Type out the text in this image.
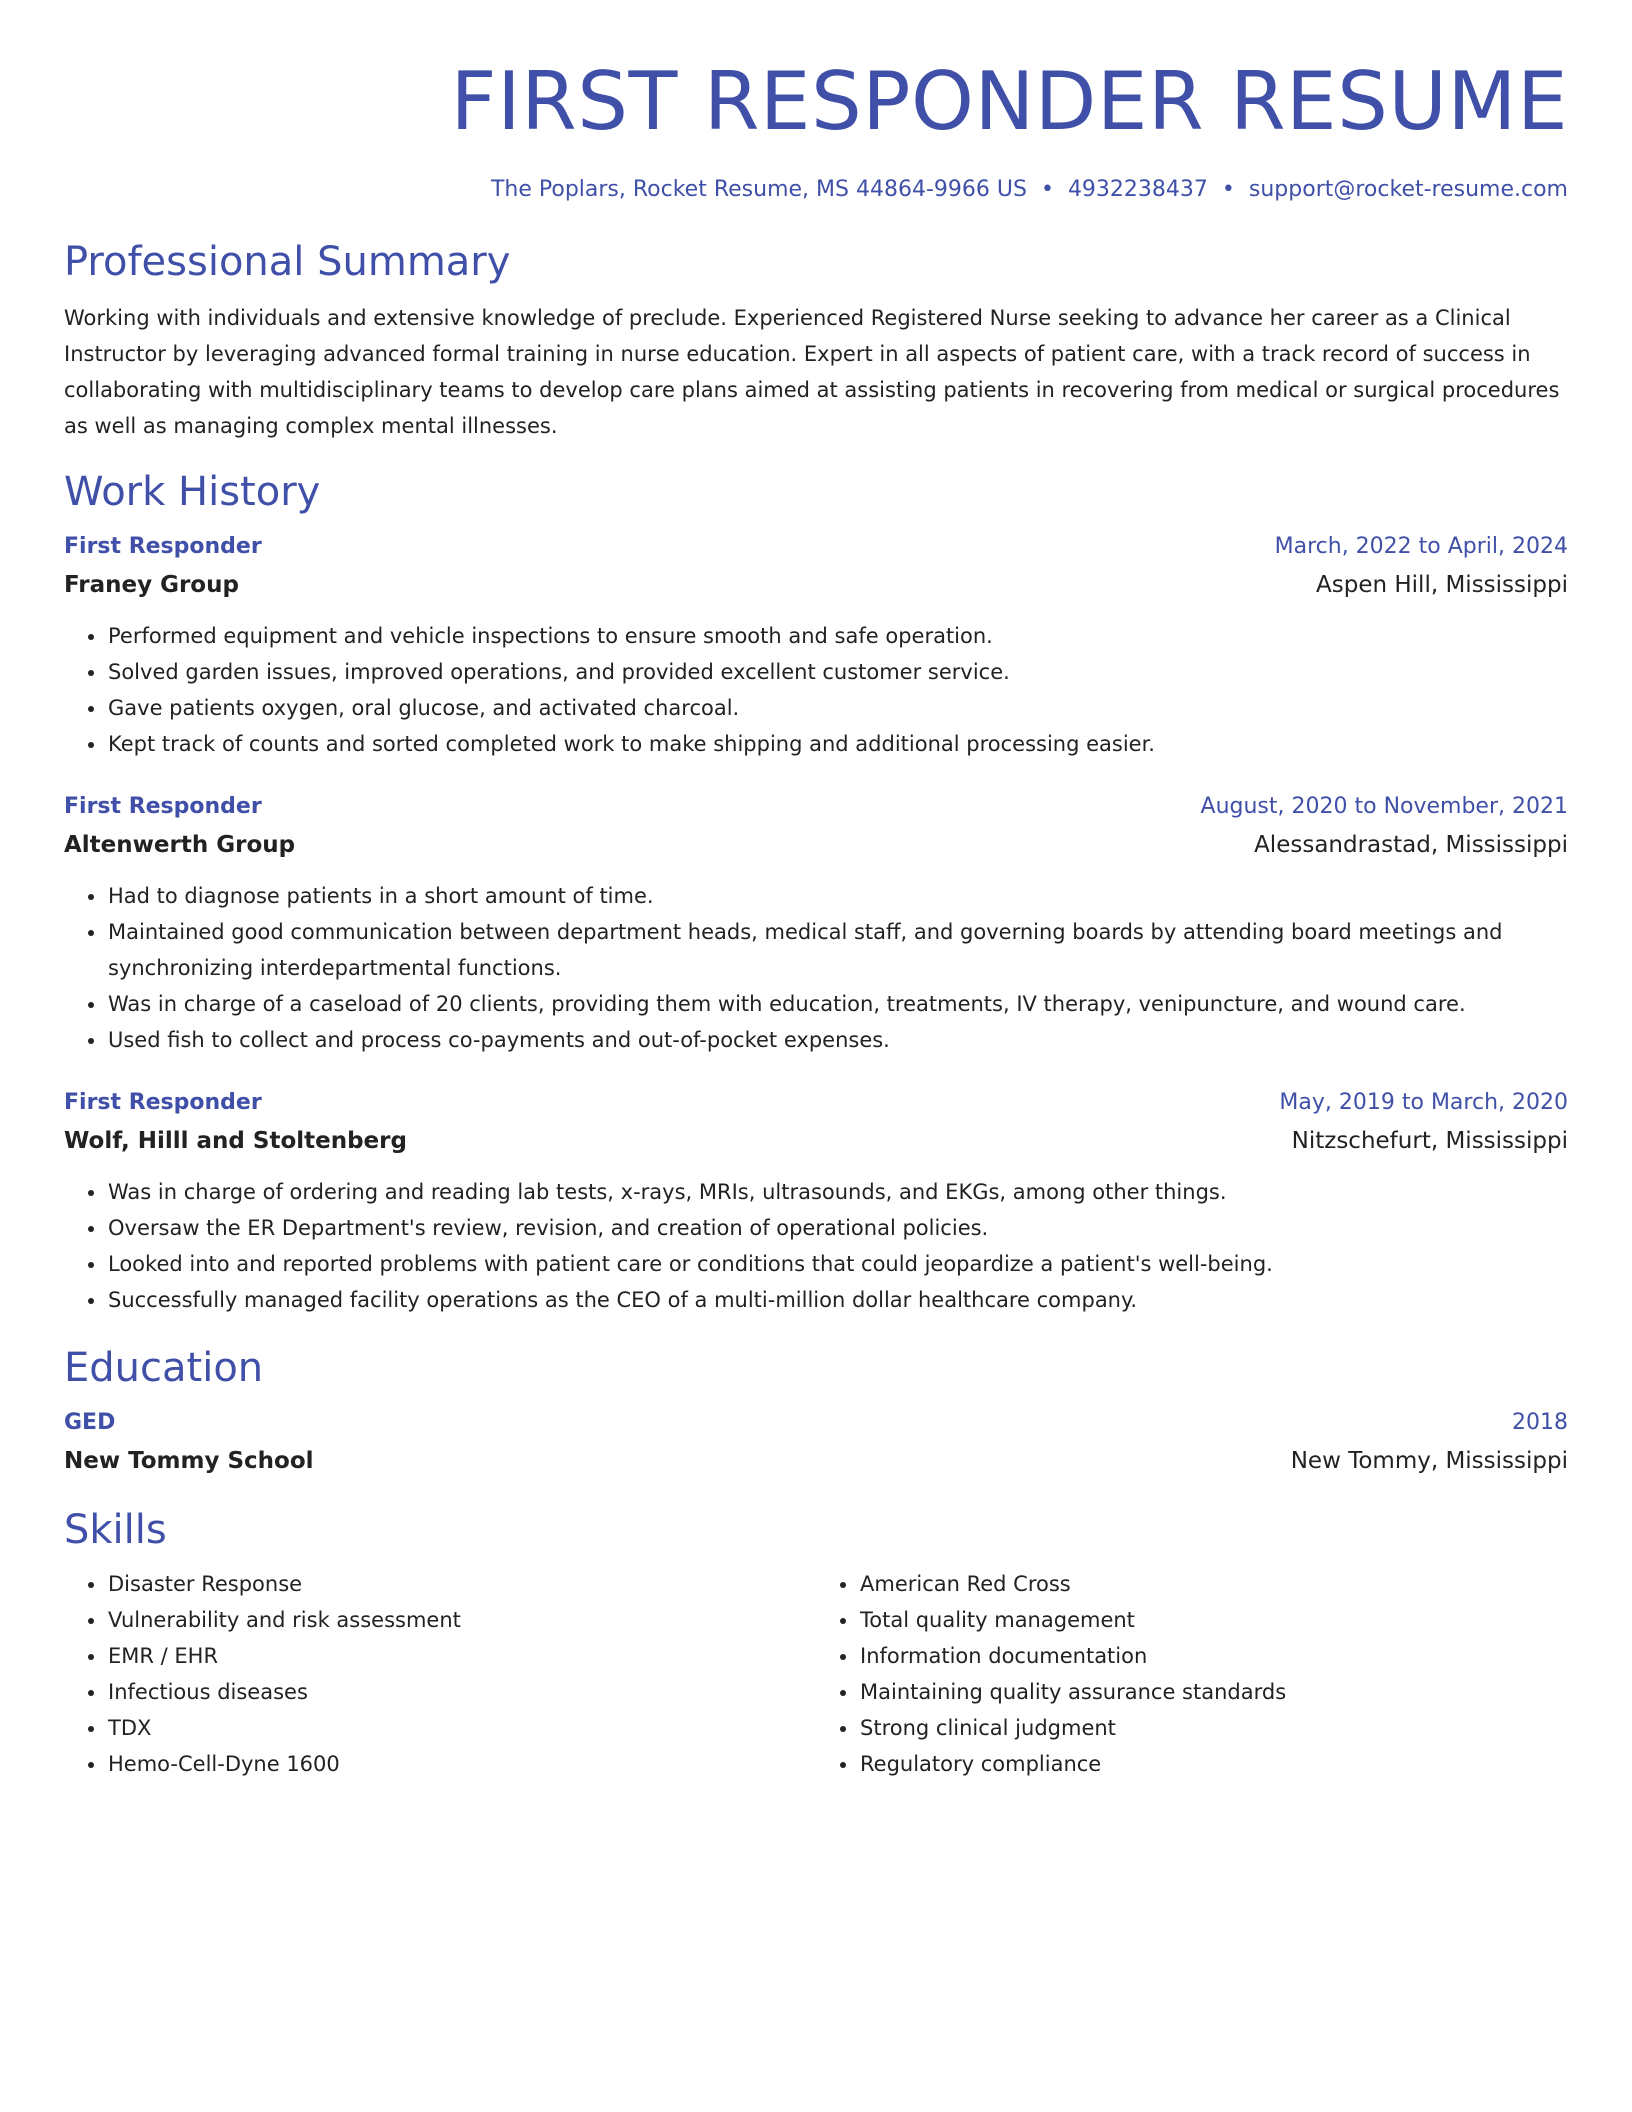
FIRST RESPONDER RESUME
The Poplars, Rocket Resume, MS 44864-9966 US • 4932238437 • support@rocket-resume.com
Professional Summary
Working with individuals and extensive knowledge of preclude. Experienced Registered Nurse seeking to advance her career as a Clinical Instructor by leveraging advanced formal training in nurse education. Expert in all aspects of patient care, with a track record of success in collaborating with multidisciplinary teams to develop care plans aimed at assisting patients in recovering from medical or surgical procedures as well as managing complex mental illnesses.
Work History
First Responder	March, 2022 to April, 2024
Franey Group	Aspen Hill, Mississippi
• Performed equipment and vehicle inspections to ensure smooth and safe operation.
• Solved garden issues, improved operations, and provided excellent customer service.
• Gave patients oxygen, oral glucose, and activated charcoal.
• Kept track of counts and sorted completed work to make shipping and additional processing easier.
First Responder	August, 2020 to November, 2021
Altenwerth Group	Alessandrastad, Mississippi
• Had to diagnose patients in a short amount of time.
• Maintained good communication between department heads, medical staff, and governing boards by attending board meetings and synchronizing interdepartmental functions.
• Was in charge of a caseload of 20 clients, providing them with education, treatments, IV therapy, venipuncture, and wound care.
• Used fish to collect and process co-payments and out-of-pocket expenses.
First Responder	May, 2019 to March, 2020
Wolf, Hilll and Stoltenberg	Nitzschefurt, Mississippi
• Was in charge of ordering and reading lab tests, x-rays, MRIs, ultrasounds, and EKGs, among other things.
• Oversaw the ER Department's review, revision, and creation of operational policies.
• Looked into and reported problems with patient care or conditions that could jeopardize a patient's well-being.
• Successfully managed facility operations as the CEO of a multi-million dollar healthcare company.
Education
GED	2018
New Tommy School	New Tommy, Mississippi
Skills
• Disaster Response
• Vulnerability and risk assessment
• EMR / EHR
• Infectious diseases
• TDX
• Hemo-Cell-Dyne 1600
• American Red Cross
• Total quality management
• Information documentation
• Maintaining quality assurance standards
• Strong clinical judgment
• Regulatory compliance
